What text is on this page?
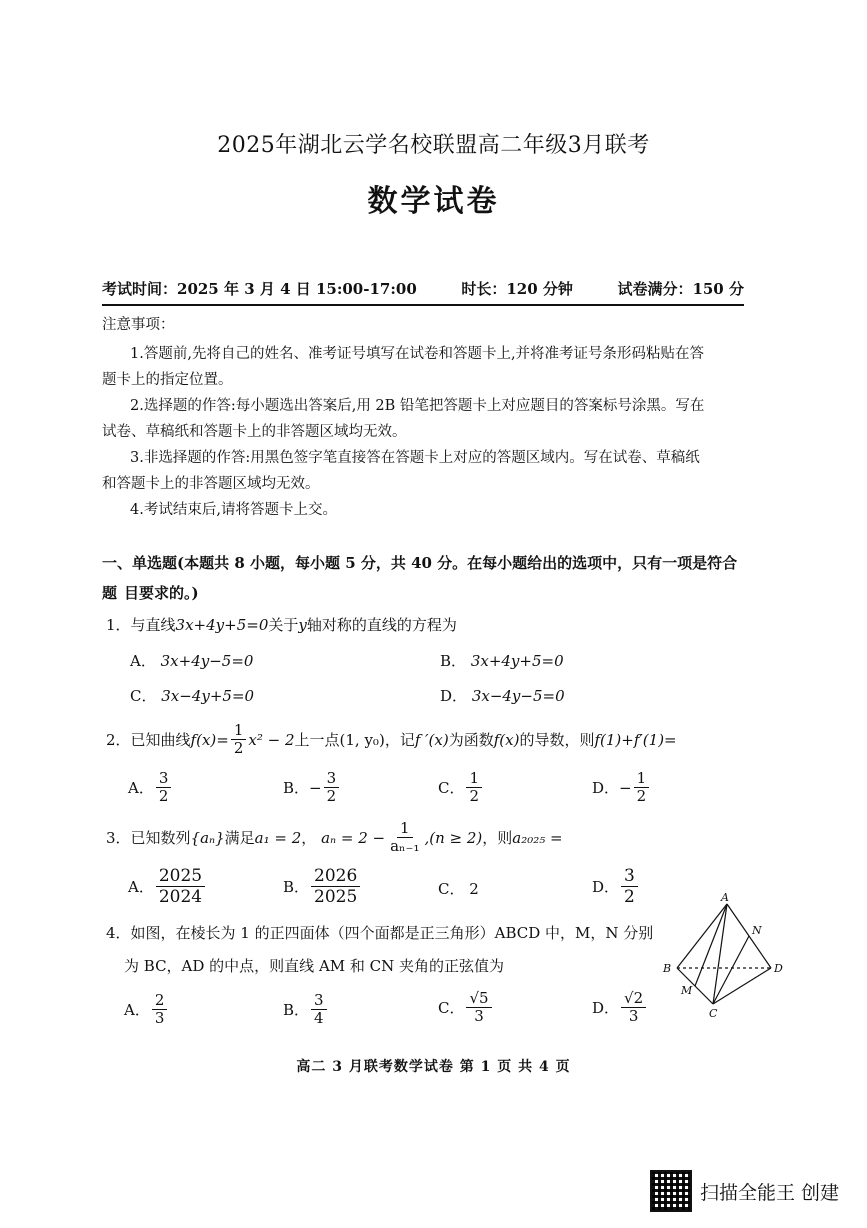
2025年湖北云学名校联盟高二年级3月联考
数学试卷
考试时间：2025 年 3 月 4 日 15:00-17:00	时长：120 分钟	试卷满分：150 分
注意事项：
1.答题前,先将自己的姓名、准考证号填写在试卷和答题卡上,并将准考证号条形码粘贴在答
题卡上的指定位置。
2.选择题的作答:每小题选出答案后,用 2B 铅笔把答题卡上对应题目的答案标号涂黑。写在
试卷、草稿纸和答题卡上的非答题区域均无效。
3.非选择题的作答:用黑色签字笔直接答在答题卡上对应的答题区域内。写在试卷、草稿纸
和答题卡上的非答题区域均无效。
4.考试结束后,请将答题卡上交。
一、单选题(本题共 8 小题，每小题 5 分，共 40 分。在每小题给出的选项中，只有一项是符合题 目要求的。)
1．与直线3x+4y+5=0关于y轴对称的直线的方程为
A． 3x+4y−5=0	B． 3x+4y+5=0
C． 3x−4y+5=0	D． 3x−4y−5=0
2．已知曲线 $f(x)= \frac{1}{2} x^2 - 2$ 上一点 (1, y₀) ，记 f ′(x) 为函数 f(x) 的导数，则 f(1)+f′(1)=
A． $\frac{3}{2}$	B． − $\frac{3}{2}$	C． $\frac{1}{2}$	D． − $\frac{1}{2}$
3．已知数列 {aₙ} 满足 a₁ = 2 ，
$a_n = 2 - \frac{1}{\text{aₙ₋₁}} ,(n \ge 2)$ ，则 a₂₀₂₅ =
A． $\frac{2025}{2024}$	B． $\frac{2026}{2025}$	C． 2	D． $\frac{3}{2}$
4．如图，在棱长为 1 的正四面体（四个面都是正三角形）ABCD 中，M，N 分别
为 BC，AD 的中点，则直线 AM 和 CN 夹角的正弦值为
A． $\frac{2}{3}$	B． $\frac{3}{4}$	C． $\frac{√5}{3}$	D． $\frac{√2}{3}$
A
B
C
D
M
N
高二 3 月联考数学试卷 第 1 页 共 4 页
扫描全能王 创建
